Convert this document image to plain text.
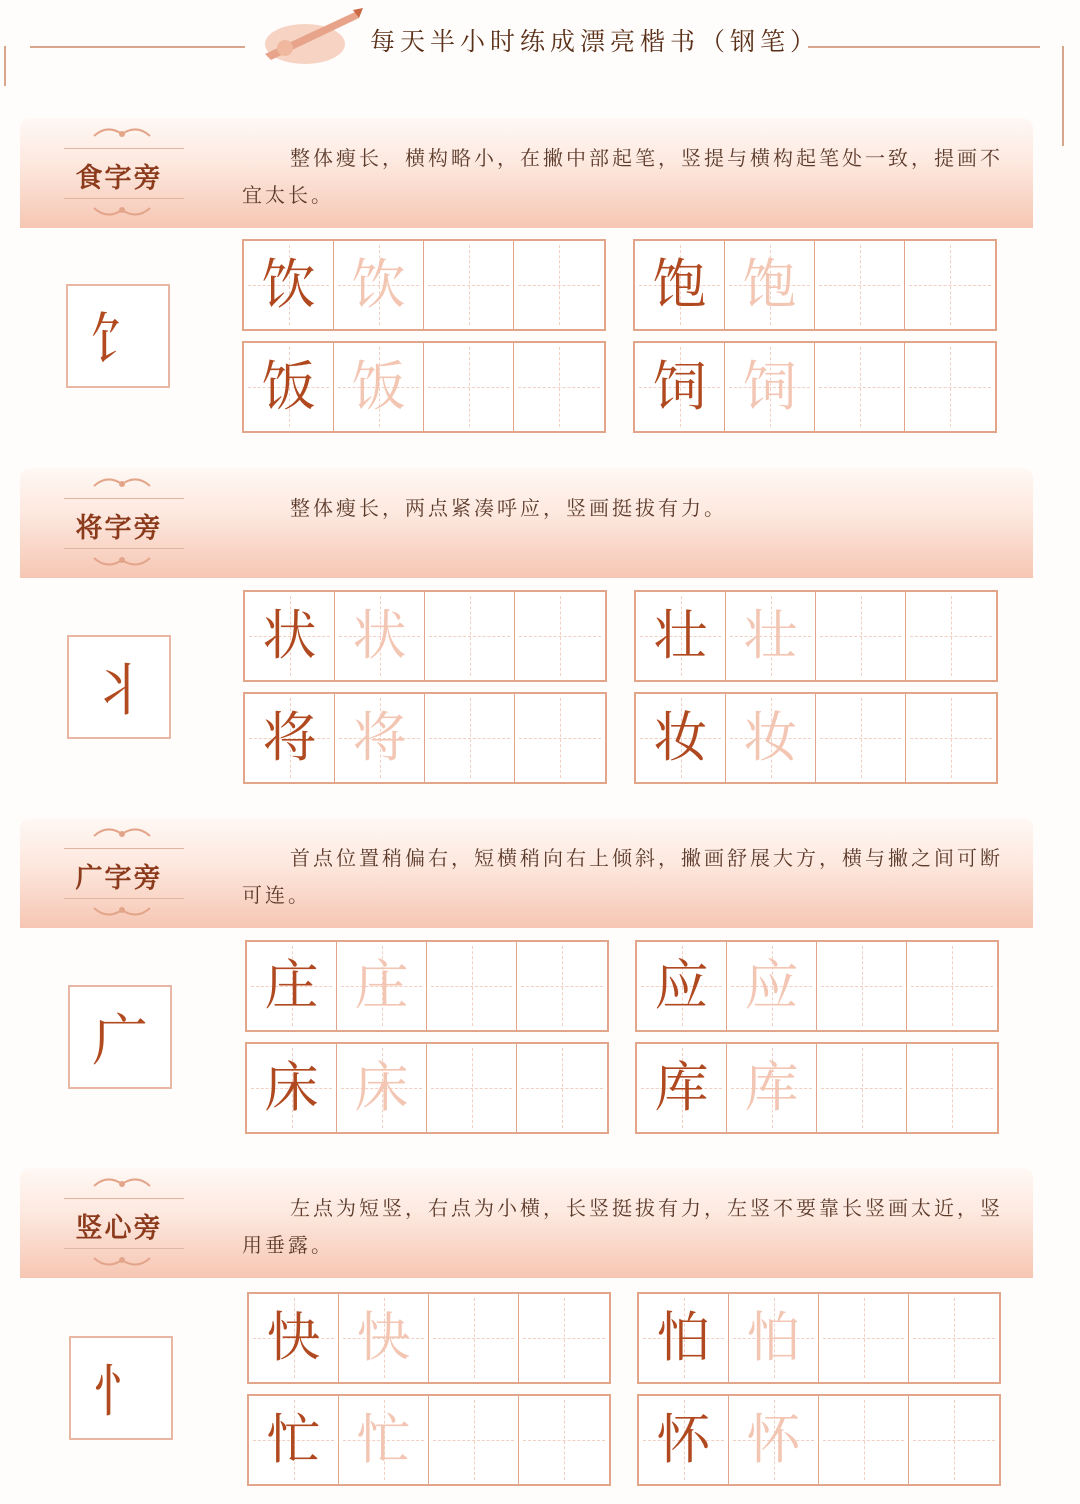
每天半小时练成漂亮楷书（钢笔）
食字旁
整体瘦长，横构略小，在撇中部起笔，竖提与横构起笔处一致，提画不宜太长。
饣
饮 饮	饱 饱
饭 饭	饲 饲
将字旁
整体瘦长，两点紧凑呼应，竖画挺拔有力。
丬
状 状	壮 壮
将 将	妆 妆
广字旁
首点位置稍偏右，短横稍向右上倾斜，撇画舒展大方，横与撇之间可断可连。
广
庄 庄	应 应
床 床	库 库
竖心旁
左点为短竖，右点为小横，长竖挺拔有力，左竖不要靠长竖画太近，竖用垂露。
忄
快 快	怕 怕
忙 忙	怀 怀
